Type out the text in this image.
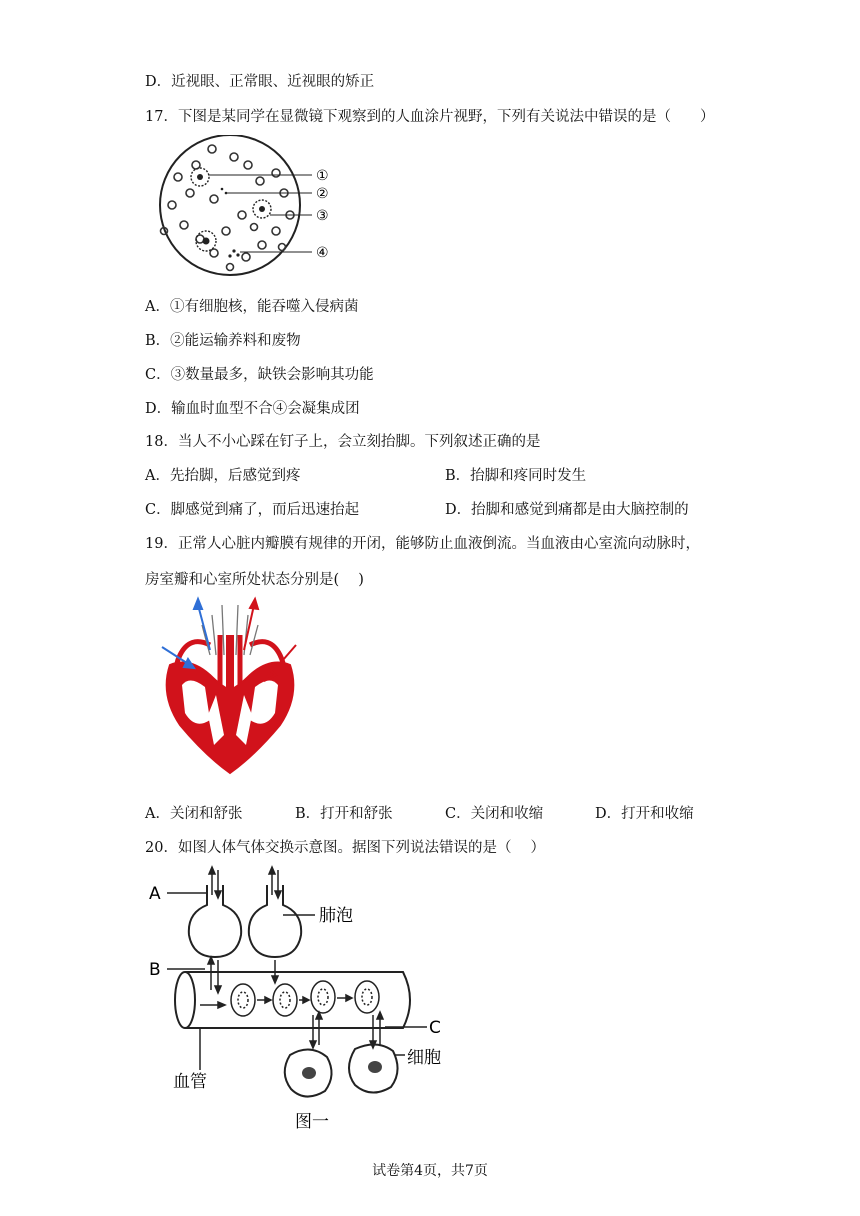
D．近视眼、正常眼、近视眼的矫正
17．下图是某同学在显微镜下观察到的人血涂片视野，下列有关说法中错误的是（　　）
①
②
③
④
A．①有细胞核，能吞噬入侵病菌
B．②能运输养料和废物
C．③数量最多，缺铁会影响其功能
D．输血时血型不合④会凝集成团
18．当人不小心踩在钉子上，会立刻抬脚。下列叙述正确的是
A．先抬脚，后感觉到疼	B．抬脚和疼同时发生
C．脚感觉到痛了，而后迅速抬起	D．抬脚和感觉到痛都是由大脑控制的
19．正常人心脏内瓣膜有规律的开闭，能够防止血液倒流。当血液由心室流向动脉时，
房室瓣和心室所处状态分别是(　 )
A．关闭和舒张	B．打开和舒张	C．关闭和收缩	D．打开和收缩
20．如图人体气体交换示意图。据图下列说法错误的是（　 ）
A
B
C
肺泡
血管
细胞
图一
试卷第4页，共7页
